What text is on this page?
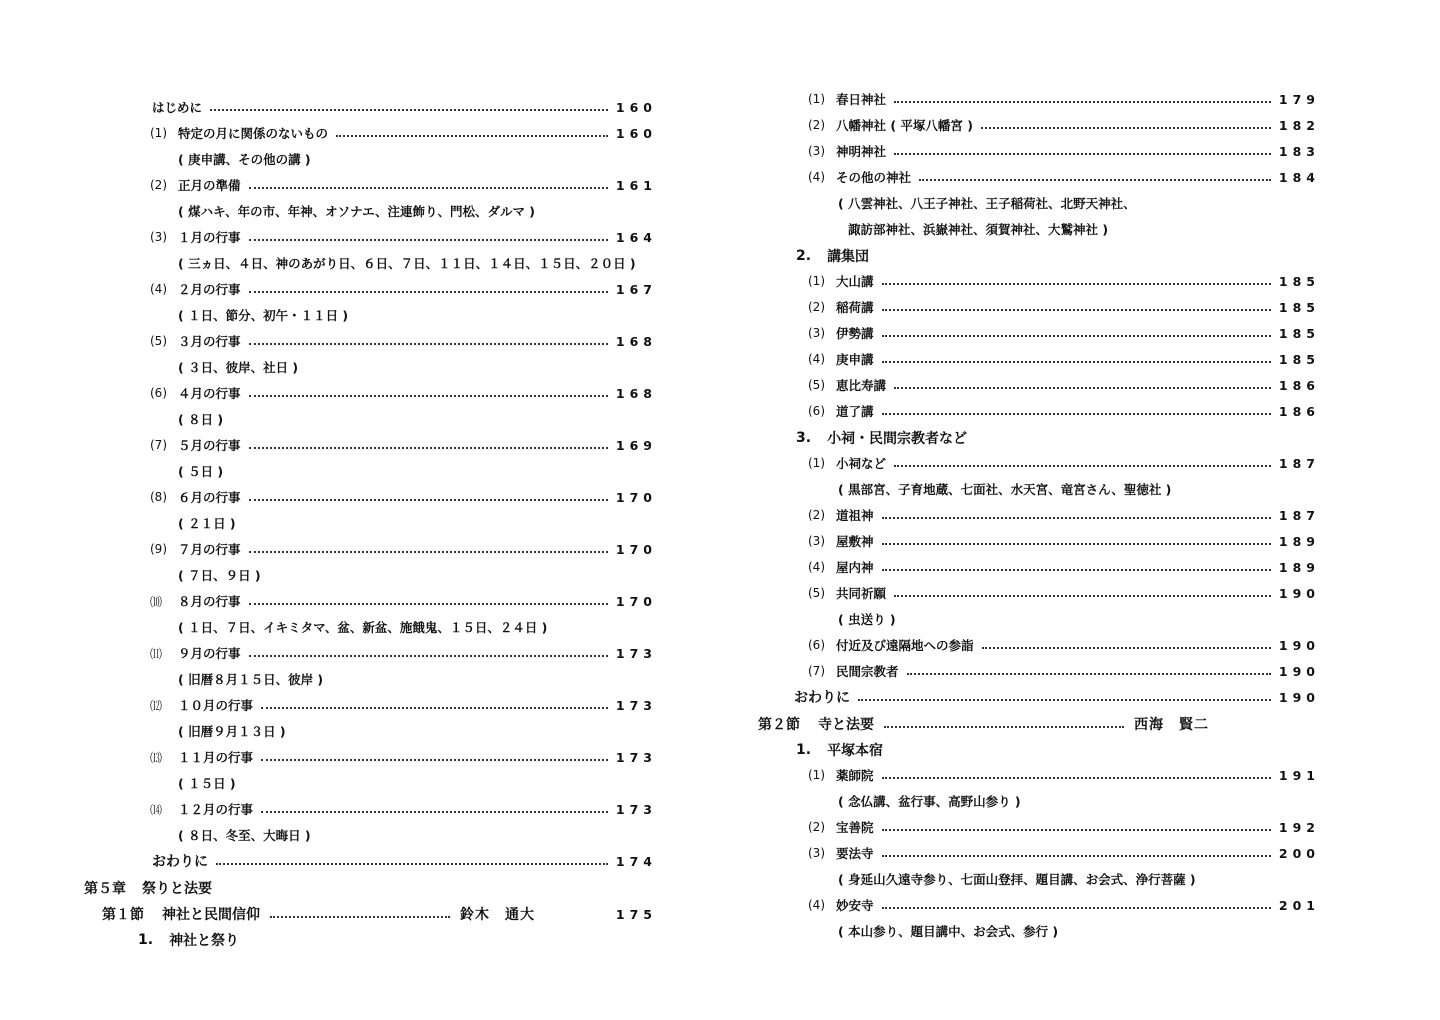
はじめに	160
(1) 特定の月に関係のないもの	160
( 庚申講、その他の講 )
(2) 正月の準備	161
( 煤ハキ、年の市、年神、オソナエ、注連飾り、門松、ダルマ )
(3) １月の行事	164
( 三ヵ日、４日、神のあがり日、６日、７日、１１日、１４日、１５日、２０日 )
(4) ２月の行事	167
( １日、節分、初午・１１日 )
(5) ３月の行事	168
( ３日、彼岸、社日 )
(6) ４月の行事	168
( ８日 )
(7) ５月の行事	169
( ５日 )
(8) ６月の行事	170
( ２１日 )
(9) ７月の行事	170
( ７日、９日 )
⑽	８月の行事	170
( １日、７日、イキミタマ、盆、新盆、施餓鬼、１５日、２４日 )
⑾	９月の行事	173
( 旧暦８月１５日、彼岸 )
⑿	１０月の行事	173
( 旧暦９月１３日 )
⒀	１１月の行事	173
( １５日 )
⒁	１２月の行事	173
( ８日、冬至、大晦日 )
おわりに	174
第５章 祭りと法要
第１節 神社と民間信仰	鈴木　通大	175
1. 神社と祭り
(1) 春日神社	179
(2) 八幡神社 ( 平塚八幡宮 )	182
(3) 神明神社	183
(4) その他の神社	184
( 八雲神社、八王子神社、王子稲荷社、北野天神社、
諏訪部神社、浜嶽神社、須賀神社、大鷲神社 )
2. 講集団
(1) 大山講	185
(2) 稲荷講	185
(3) 伊勢講	185
(4) 庚申講	185
(5) 恵比寿講	186
(6) 道了講	186
3. 小祠・民間宗教者など
(1) 小祠など	187
( 黒部宮、子育地蔵、七面社、水天宮、竜宮さん、聖徳社 )
(2) 道祖神	187
(3) 屋敷神	189
(4) 屋内神	189
(5) 共同祈願	190
( 虫送り )
(6) 付近及び遠隔地への参詣	190
(7) 民間宗教者	190
おわりに	190
第２節 寺と法要	西海　賢二
1. 平塚本宿
(1) 薬師院	191
( 念仏講、盆行事、高野山参り )
(2) 宝善院	192
(3) 要法寺	200
( 身延山久遠寺参り、七面山登拝、題目講、お会式、浄行菩薩 )
(4) 妙安寺	201
( 本山参り、題目講中、お会式、参行 )
